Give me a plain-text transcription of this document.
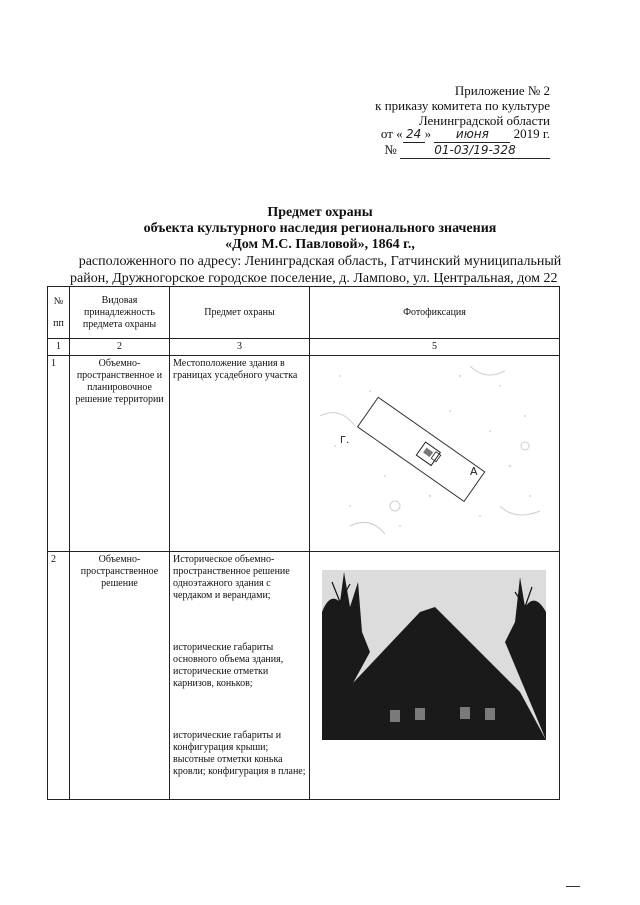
Приложение № 2
к приказу комитета по культуре
Ленинградской области
от « 24 » июня 2019 г.
№	01-03/19-328
Предмет охраны
объекта культурного наследия регионального значения
«Дом М.С. Павловой», 1864 г.,
расположенного по адресу: Ленинградская область, Гатчинский муниципальный
район, Дружногорское городское поселение, д. Лампово, ул. Центральная, дом 22
№
пп	Видовая принадлежность предмета охраны	Предмет охраны	Фотофиксация
1	2	3	5
1	Объемно-пространственное и планировочное решение территории	Местоположение здания в границах усадебного участка	Г.
А

2	Объемно-пространственное решение	Историческое объемно-пространственное решение одноэтажного здания с чердаком и верандами;
исторические габариты основного объема здания, исторические отметки карнизов, коньков;
исторические габариты и конфигурация крыши; высотные отметки конька кровли; конфигурация в плане;
